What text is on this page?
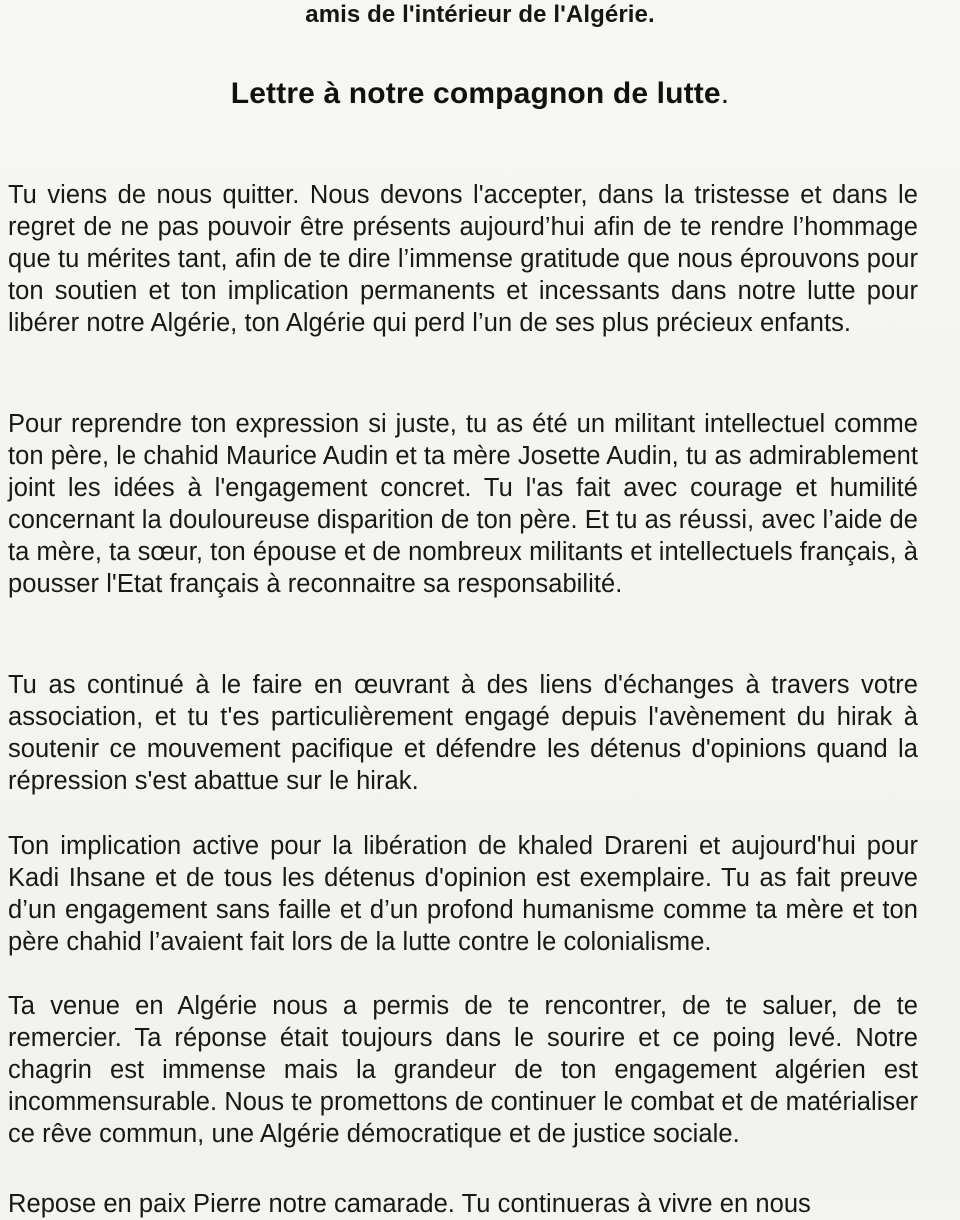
amis de l'intérieur de l'Algérie.
Lettre à notre compagnon de lutte.
Tu viens de nous quitter. Nous devons l'accepter, dans la tristesse et dans le regret de ne pas pouvoir être présents aujourd’hui afin de te rendre l’hommage que tu mérites tant, afin de te dire l’immense gratitude que nous éprouvons pour ton soutien et ton implication permanents et incessants dans notre lutte pour libérer notre Algérie, ton Algérie qui perd l’un de ses plus précieux enfants.
Pour reprendre ton expression si juste, tu as été un militant intellectuel comme ton père, le chahid Maurice Audin et ta mère Josette Audin, tu as admirablement joint les idées à l'engagement concret. Tu l'as fait avec courage et humilité concernant la douloureuse disparition de ton père. Et tu as réussi, avec l’aide de ta mère, ta sœur, ton épouse et de nombreux militants et intellectuels français, à pousser l'Etat français à reconnaitre sa responsabilité.
Tu as continué à le faire en œuvrant à des liens d'échanges à travers votre association, et tu t'es particulièrement engagé depuis l'avènement du hirak à soutenir ce mouvement pacifique et défendre les détenus d'opinions quand la répression s'est abattue sur le hirak.
Ton implication active pour la libération de khaled Drareni et aujourd'hui pour Kadi Ihsane et de tous les détenus d'opinion est exemplaire. Tu as fait preuve d’un engagement sans faille et d’un profond humanisme comme ta mère et ton père chahid l’avaient fait lors de la lutte contre le colonialisme.
Ta venue en Algérie nous a permis de te rencontrer, de te saluer, de te remercier. Ta réponse était toujours dans le sourire et ce poing levé. Notre chagrin est immense mais la grandeur de ton engagement algérien est incommensurable. Nous te promettons de continuer le combat et de matérialiser ce rêve commun, une Algérie démocratique et de justice sociale.
Repose en paix Pierre notre camarade. Tu continueras à vivre en nous
